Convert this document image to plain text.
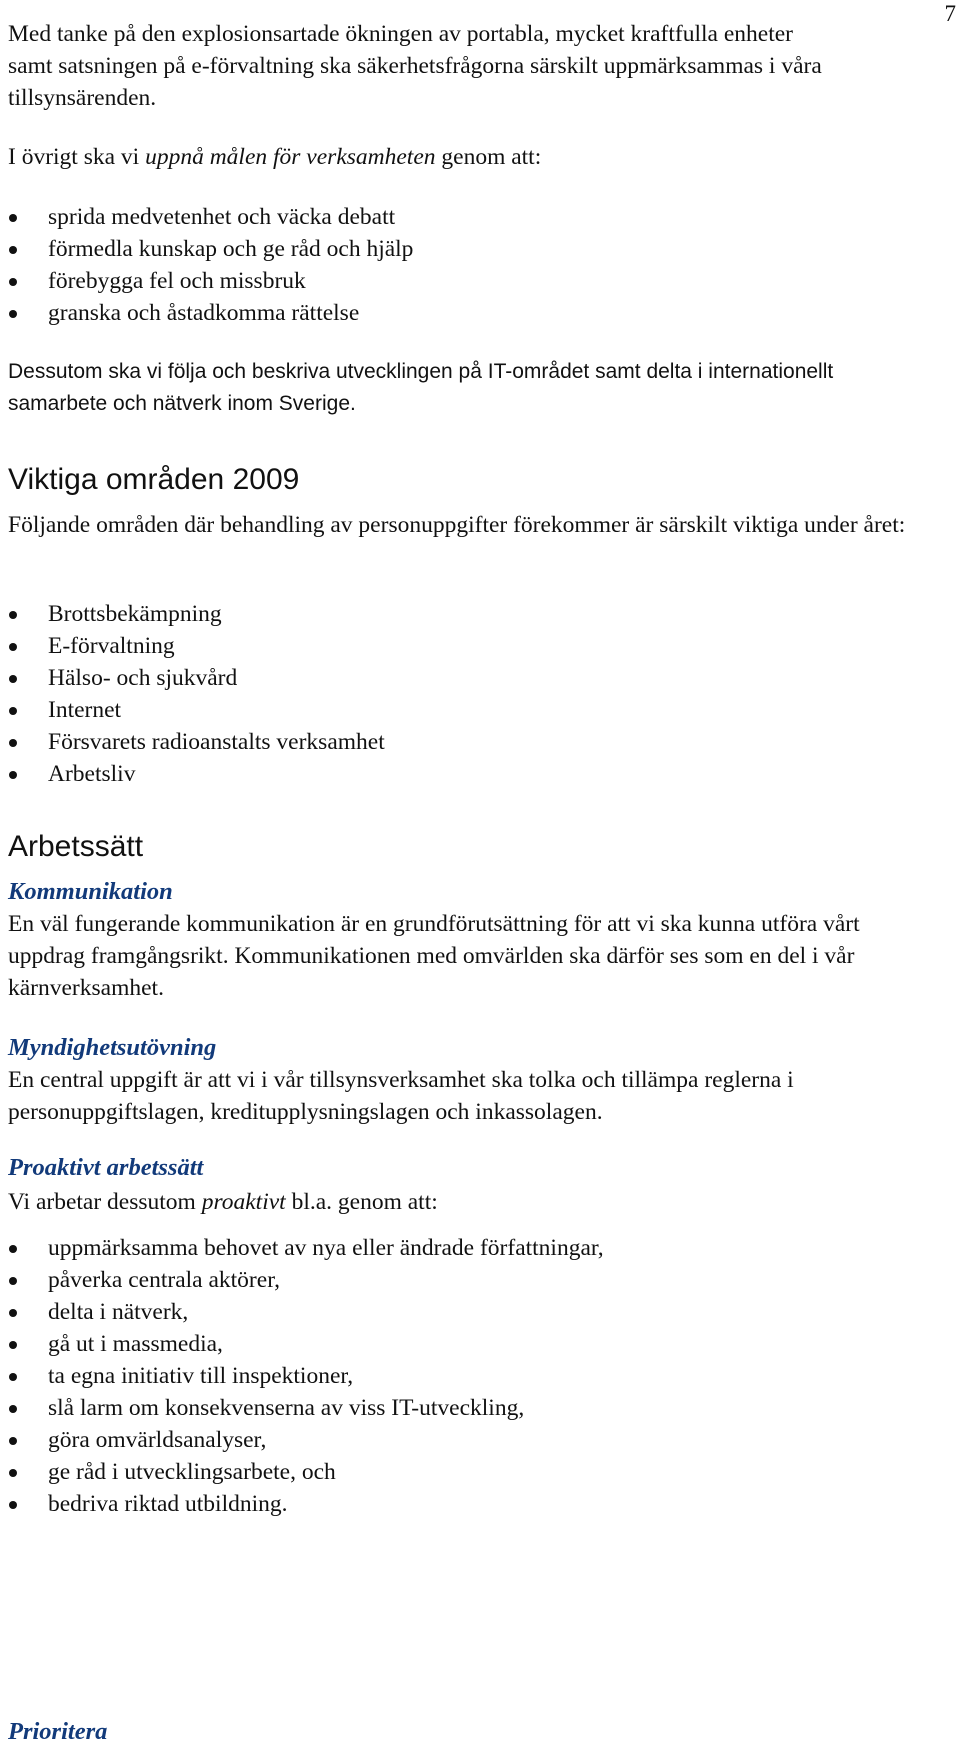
7

Med tanke på den explosionsartade ökningen av portabla, mycket kraftfulla enheter samt satsningen på e-förvaltning ska säkerhetsfrågorna särskilt uppmärksammas i våra tillsynsärenden.

I övrigt ska vi uppnå målen för verksamheten genom att:

sprida medvetenhet och väcka debatt
förmedla kunskap och ge råd och hjälp
förebygga fel och missbruk
granska och åstadkomma rättelse

Dessutom ska vi följa och beskriva utvecklingen på IT-området samt delta i internationellt samarbete och nätverk inom Sverige.

Viktiga områden 2009

Följande områden där behandling av personuppgifter förekommer är särskilt viktiga under året:

Brottsbekämpning
E-förvaltning
Hälso- och sjukvård
Internet
Försvarets radioanstalts verksamhet
Arbetsliv
Arbetssätt
Kommunikation

En väl fungerande kommunikation är en grundförutsättning för att vi ska kunna utföra vårt uppdrag framgångsrikt. Kommunikationen med omvärlden ska därför ses som en del i vår kärnverksamhet.

Myndighetsutövning

En central uppgift är att vi i vår tillsynsverksamhet ska tolka och tillämpa reglerna i personuppgiftslagen, kreditupplysningslagen och inkassolagen.

Proaktivt arbetssätt

Vi arbetar dessutom proaktivt bl.a. genom att:

uppmärksamma behovet av nya eller ändrade författningar,
påverka centrala aktörer,
delta i nätverk,
gå ut i massmedia,
ta egna initiativ till inspektioner,
slå larm om konsekvenserna av viss IT-utveckling,
göra omvärldsanalyser,
ge råd i utvecklingsarbete, och
bedriva riktad utbildning.
Prioritera
